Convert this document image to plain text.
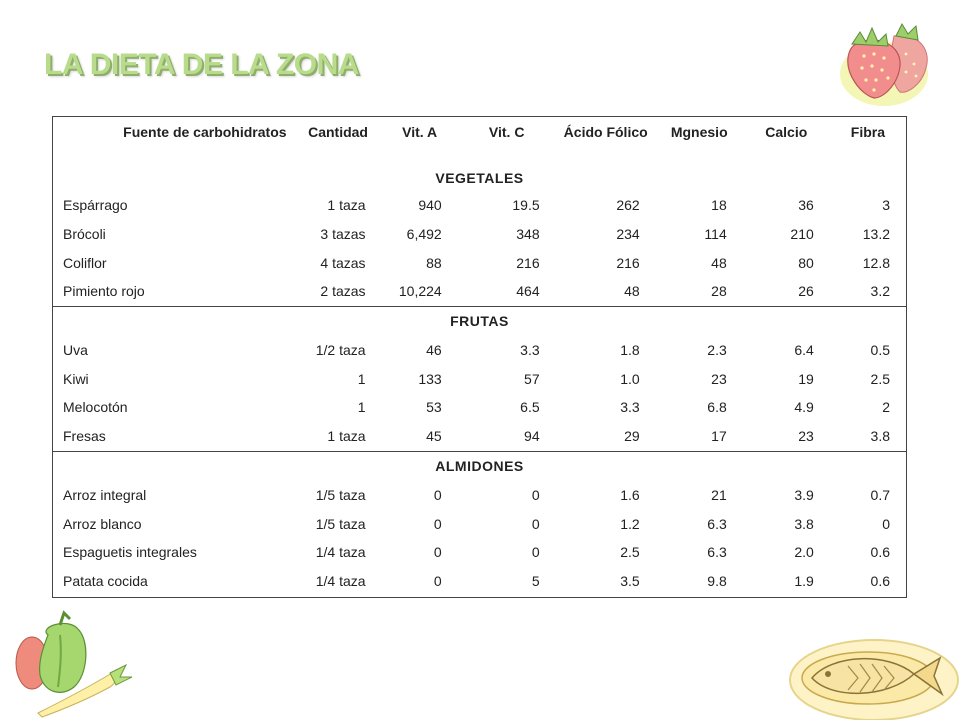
LA DIETA DE LA ZONA
Fuente de carbohidratos	Cantidad	Vit. A	Vit. C	Ácido Fólico	Mgnesio	Calcio	Fibra
VEGETALES							
Espárrago	1 taza	940	19.5	262	18	36	3
Brócoli	3 tazas	6,492	348	234	114	210	13.2
Coliflor	4 tazas	88	216	216	48	80	12.8
Pimiento rojo	2 tazas	10,224	464	48	28	26	3.2
FRUTAS							
Uva	1/2 taza	46	3.3	1.8	2.3	6.4	0.5
Kiwi	1	133	57	1.0	23	19	2.5
Melocotón	1	53	6.5	3.3	6.8	4.9	2
Fresas	1 taza	45	94	29	17	23	3.8
ALMIDONES							
Arroz integral	1/5 taza	0	0	1.6	21	3.9	0.7
Arroz blanco	1/5 taza	0	0	1.2	6.3	3.8	0
Espaguetis integrales	1/4 taza	0	0	2.5	6.3	2.0	0.6
Patata cocida	1/4 taza	0	5	3.5	9.8	1.9	0.6
